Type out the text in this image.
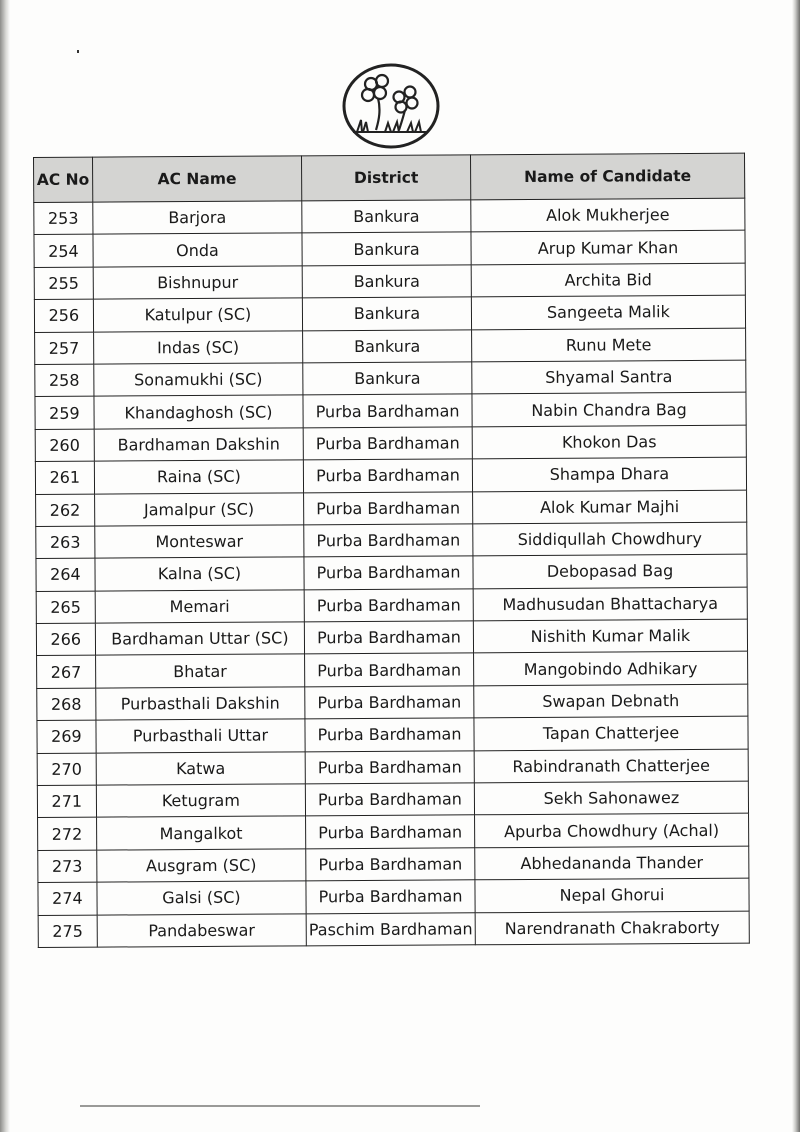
AC No	AC Name	District	Name of Candidate
253	Barjora	Bankura	Alok Mukherjee
254	Onda	Bankura	Arup Kumar Khan
255	Bishnupur	Bankura	Archita Bid
256	Katulpur (SC)	Bankura	Sangeeta Malik
257	Indas (SC)	Bankura	Runu Mete
258	Sonamukhi (SC)	Bankura	Shyamal Santra
259	Khandaghosh (SC)	Purba Bardhaman	Nabin Chandra Bag
260	Bardhaman Dakshin	Purba Bardhaman	Khokon Das
261	Raina (SC)	Purba Bardhaman	Shampa Dhara
262	Jamalpur (SC)	Purba Bardhaman	Alok Kumar Majhi
263	Monteswar	Purba Bardhaman	Siddiqullah Chowdhury
264	Kalna (SC)	Purba Bardhaman	Debopasad Bag
265	Memari	Purba Bardhaman	Madhusudan Bhattacharya
266	Bardhaman Uttar (SC)	Purba Bardhaman	Nishith Kumar Malik
267	Bhatar	Purba Bardhaman	Mangobindo Adhikary
268	Purbasthali Dakshin	Purba Bardhaman	Swapan Debnath
269	Purbasthali Uttar	Purba Bardhaman	Tapan Chatterjee
270	Katwa	Purba Bardhaman	Rabindranath Chatterjee
271	Ketugram	Purba Bardhaman	Sekh Sahonawez
272	Mangalkot	Purba Bardhaman	Apurba Chowdhury (Achal)
273	Ausgram (SC)	Purba Bardhaman	Abhedananda Thander
274	Galsi (SC)	Purba Bardhaman	Nepal Ghorui
275	Pandabeswar	Paschim Bardhaman	Narendranath Chakraborty
